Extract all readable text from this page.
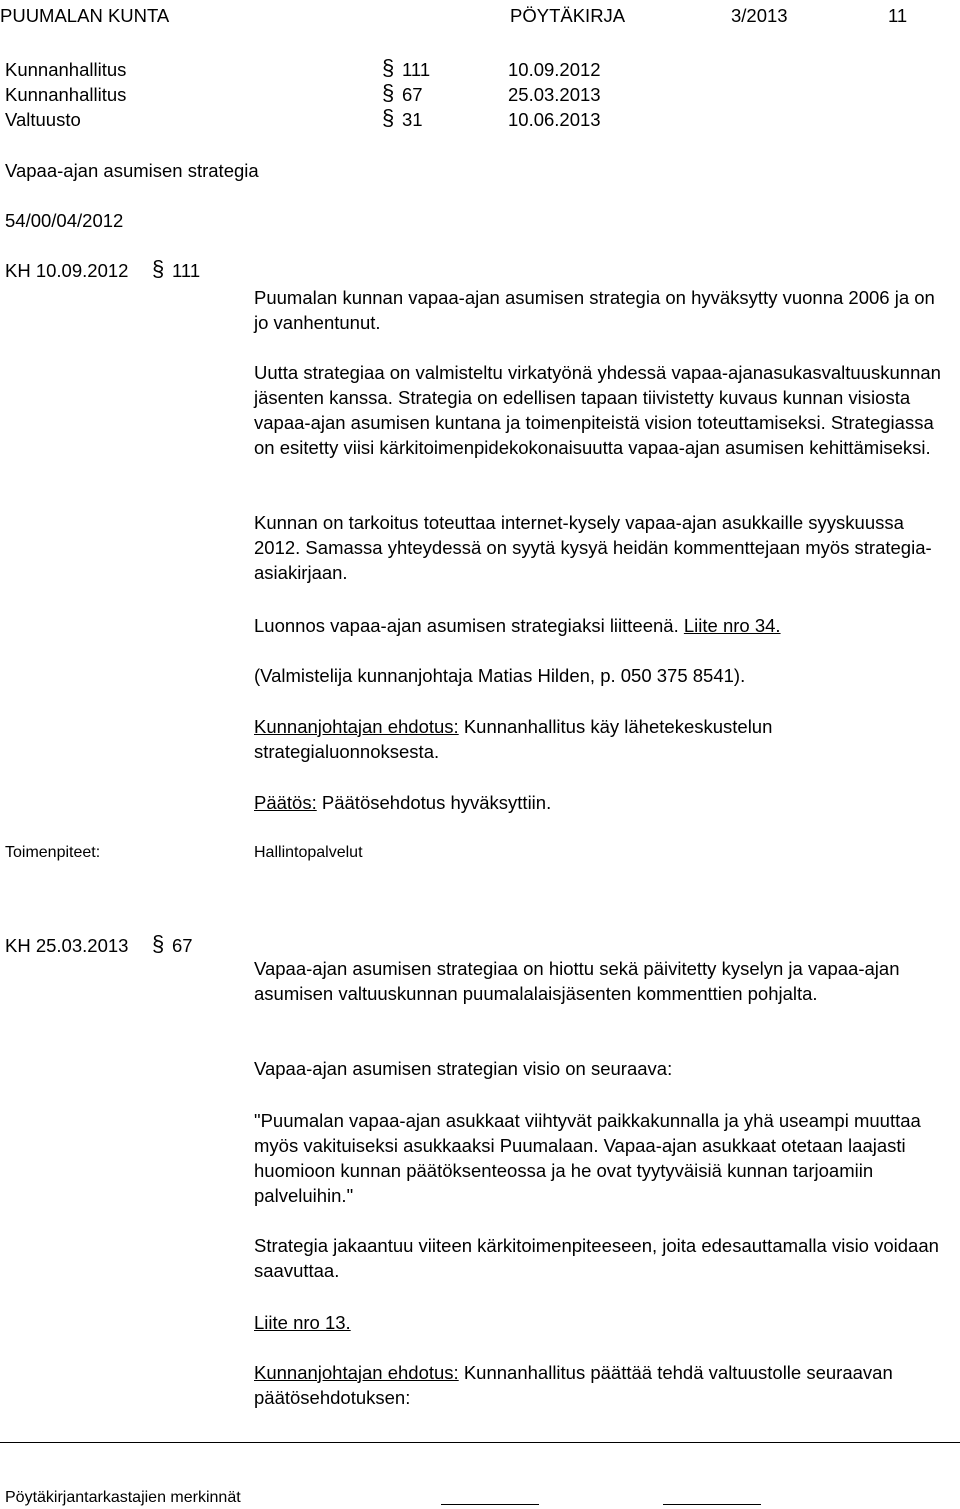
PUUMALAN KUNTA	PÖYTÄKIRJA	3/2013	11
Kunnanhallitus	§ 111	10.09.2012
Kunnanhallitus	§ 67	25.03.2013
Valtuusto	§ 31	10.06.2013
Vapaa-ajan asumisen strategia
54/00/04/2012
KH 10.09.2012 § 111
Puumalan kunnan vapaa-ajan asumisen strategia on hyväksytty vuonna 2006 ja on jo vanhentunut.
Uutta strategiaa on valmisteltu virkatyönä yhdessä vapaa-ajanasukasvaltuuskunnan jäsenten kanssa. Strategia on edellisen tapaan tiivistetty kuvaus kunnan visiosta vapaa-ajan asumisen kuntana ja toimenpiteistä vision toteuttamiseksi. Strategiassa on esitetty viisi kärkitoimenpidekokonaisuutta vapaa-ajan asumisen kehittämiseksi.
Kunnan on tarkoitus toteuttaa internet-kysely vapaa-ajan asukkaille syyskuussa 2012. Samassa yhteydessä on syytä kysyä heidän kommenttejaan myös strategia-asiakirjaan.
Luonnos vapaa-ajan asumisen strategiaksi liitteenä. Liite nro 34.
(Valmistelija kunnanjohtaja Matias Hilden, p. 050 375 8541).
Kunnanjohtajan ehdotus: Kunnanhallitus käy lähetekeskustelun strategialuonnoksesta.
Päätös: Päätösehdotus hyväksyttiin.
Toimenpiteet:	Hallintopalvelut
KH 25.03.2013 § 67
Vapaa-ajan asumisen strategiaa on hiottu sekä päivitetty kyselyn ja vapaa-ajan asumisen valtuuskunnan puumalalaisjäsenten kommenttien pohjalta.
Vapaa-ajan asumisen strategian visio on seuraava:
"Puumalan vapaa-ajan asukkaat viihtyvät paikkakunnalla ja yhä useampi muuttaa myös vakituiseksi asukkaaksi Puumalaan. Vapaa-ajan asukkaat otetaan laajasti huomioon kunnan päätöksenteossa ja he ovat tyytyväisiä kunnan tarjoamiin palveluihin."
Strategia jakaantuu viiteen kärkitoimenpiteeseen, joita edesauttamalla visio voidaan saavuttaa.
Liite nro 13.
Kunnanjohtajan ehdotus: Kunnanhallitus päättää tehdä valtuustolle seuraavan päätösehdotuksen:
Pöytäkirjantarkastajien merkinnät
